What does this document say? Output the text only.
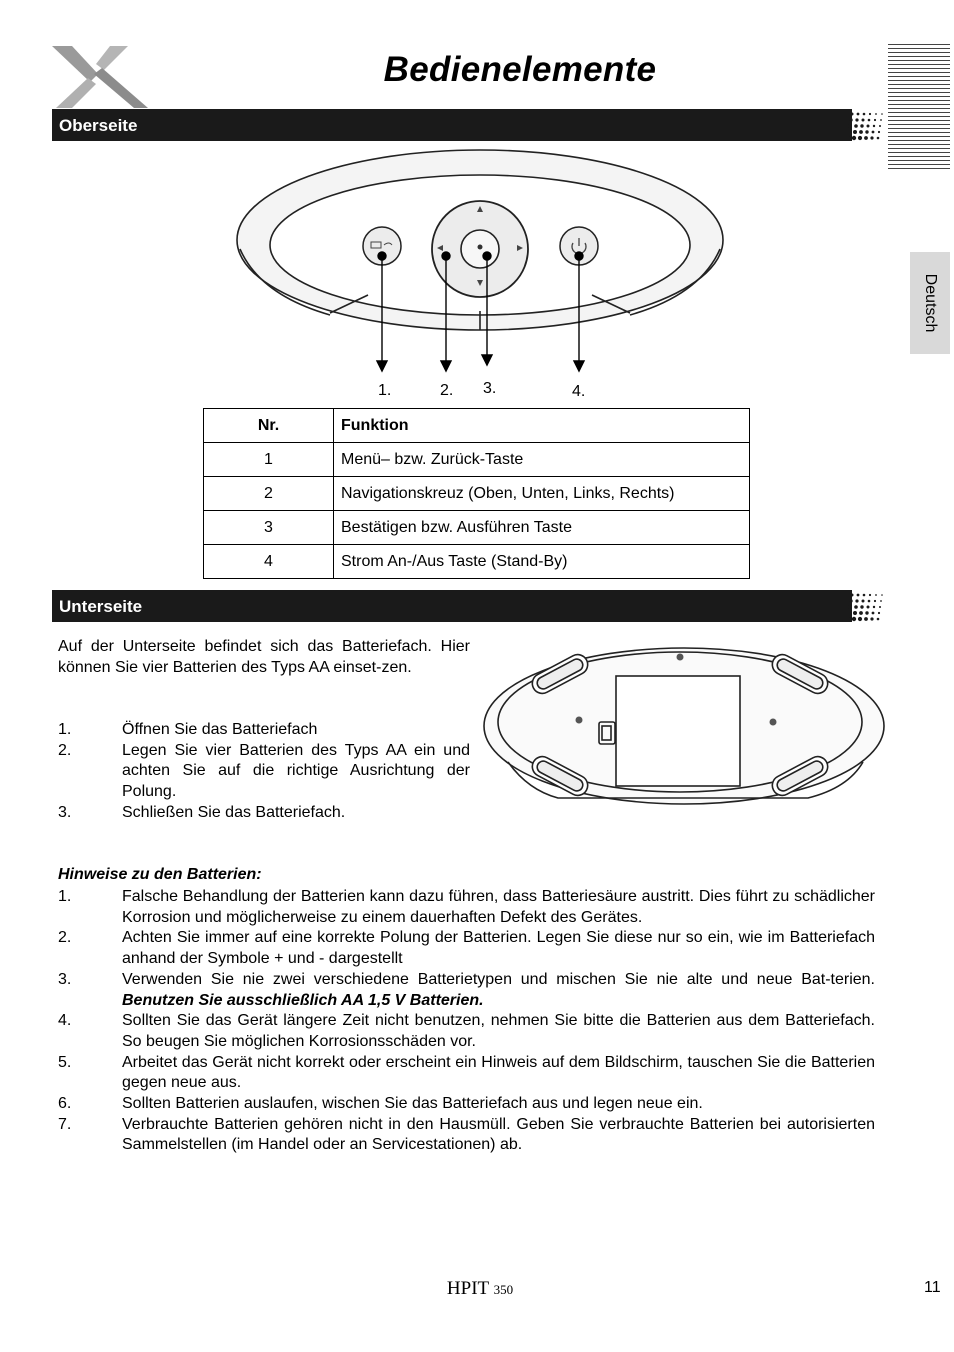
Bedienelemente
Deutsch
Oberseite
1.	2. 3.	4.
Nr.	Funktion
1	Menü– bzw. Zurück-Taste
2	Navigationskreuz (Oben, Unten, Links, Rechts)
3	Bestätigen bzw. Ausführen Taste
4	Strom An-/Aus Taste (Stand-By)
Unterseite
Auf der Unterseite befindet sich das Batteriefach. Hier können Sie vier Batterien des Typs AA einset-zen.
1.	Öffnen Sie das Batteriefach
2.	Legen Sie vier Batterien des Typs AA ein und achten Sie auf die richtige Ausrichtung der Polung.
3.	Schließen Sie das Batteriefach.
Hinweise zu den Batterien:
1.	Falsche Behandlung der Batterien kann dazu führen, dass Batteriesäure austritt. Dies führt zu schädlicher Korrosion und möglicherweise zu einem dauerhaften Defekt des Gerätes.
2.	Achten Sie immer auf eine korrekte Polung der Batterien. Legen Sie diese nur so ein, wie im Batteriefach anhand der Symbole + und - dargestellt
3.	Verwenden Sie nie zwei verschiedene Batterietypen und mischen Sie nie alte und neue Bat-terien. Benutzen Sie ausschließlich AA 1,5 V Batterien.
4.	Sollten Sie das Gerät längere Zeit nicht benutzen, nehmen Sie bitte die Batterien aus dem Batteriefach. So beugen Sie möglichen Korrosionsschäden vor.
5.	Arbeitet das Gerät nicht korrekt oder erscheint ein Hinweis auf dem Bildschirm, tauschen Sie die Batterien gegen neue aus.
6.	Sollten Batterien auslaufen, wischen Sie das Batteriefach aus und legen neue ein.
7.	Verbrauchte Batterien gehören nicht in den Hausmüll. Geben Sie verbrauchte Batterien bei autorisierten Sammelstellen (im Handel oder an Servicestationen) ab.
HPIT 350	11
